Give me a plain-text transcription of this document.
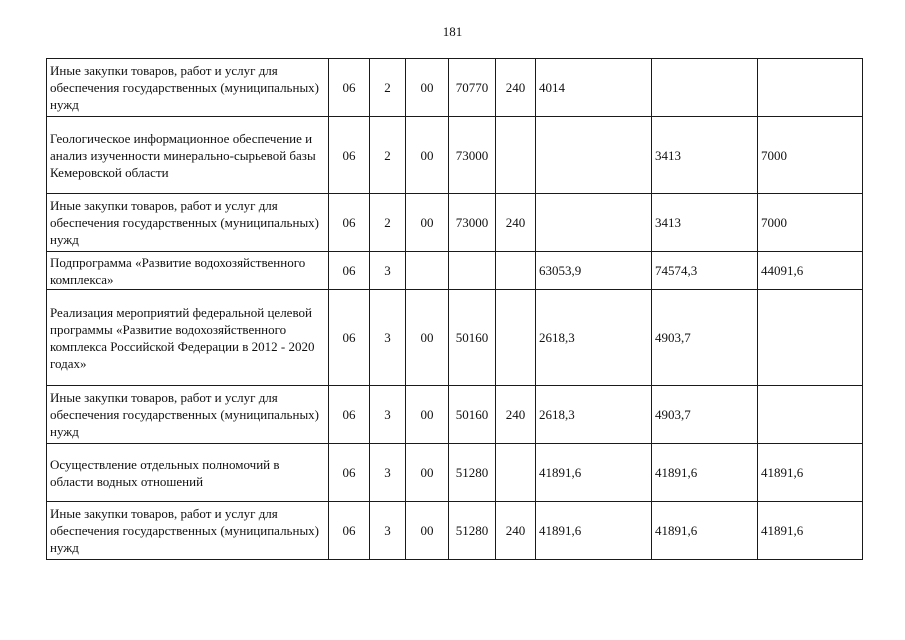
181
Иные закупки товаров, работ и услуг для обеспечения государственных (муниципальных) нужд	06	2	00	70770	240	4014		
Геологическое информационное обеспечение и анализ изученности минерально-сырьевой базы Кемеровской области	06	2	00	73000			3413	7000
Иные закупки товаров, работ и услуг для обеспечения государственных (муниципальных) нужд	06	2	00	73000	240		3413	7000
Подпрограмма «Развитие водохозяйственного комплекса»	06	3				63053,9	74574,3	44091,6
Реализация мероприятий федеральной целевой программы «Развитие водохозяйственного комплекса Российской Федерации в 2012 - 2020 годах»	06	3	00	50160		2618,3	4903,7	
Иные закупки товаров, работ и услуг для обеспечения государственных (муниципальных) нужд	06	3	00	50160	240	2618,3	4903,7	
Осуществление отдельных полномочий в области водных отношений	06	3	00	51280		41891,6	41891,6	41891,6
Иные закупки товаров, работ и услуг для обеспечения государственных (муниципальных) нужд	06	3	00	51280	240	41891,6	41891,6	41891,6
